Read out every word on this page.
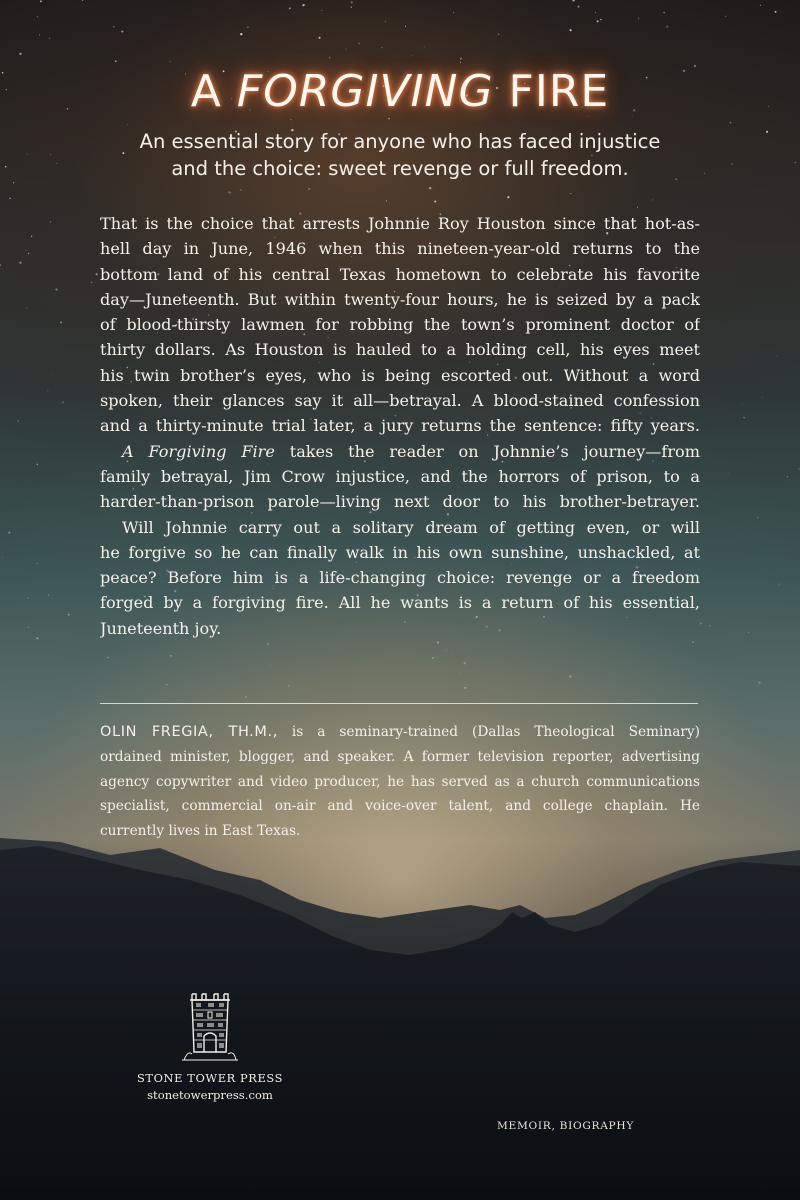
A FORGIVING FIRE
An essential story for anyone who has faced injustice
and the choice: sweet revenge or full freedom.
That is the choice that arrests Johnnie Roy Houston since that hot-as-
hell day in June, 1946 when this nineteen-year-old returns to the
bottom land of his central Texas hometown to celebrate his favorite
day—Juneteenth. But within twenty-four hours, he is seized by a pack
of blood-thirsty lawmen for robbing the town’s prominent doctor of
thirty dollars. As Houston is hauled to a holding cell, his eyes meet
his twin brother’s eyes, who is being escorted out. Without a word
spoken, their glances say it all—betrayal. A blood-stained confession
and a thirty-minute trial later, a jury returns the sentence: fifty years.
A Forgiving Fire takes the reader on Johnnie’s journey—from
family betrayal, Jim Crow injustice, and the horrors of prison, to a
harder-than-prison parole—living next door to his brother-betrayer.
Will Johnnie carry out a solitary dream of getting even, or will
he forgive so he can finally walk in his own sunshine, unshackled, at
peace? Before him is a life-changing choice: revenge or a freedom
forged by a forgiving fire. All he wants is a return of his essential,
Juneteenth joy.
OLIN FREGIA, TH.M., is a seminary-trained (Dallas Theological Seminary)
ordained minister, blogger, and speaker. A former television reporter, advertising
agency copywriter and video producer, he has served as a church communications
specialist, commercial on-air and voice-over talent, and college chaplain. He
currently lives in East Texas.
STONE TOWER PRESS
stonetowerpress.com
MEMOIR, BIOGRAPHY
